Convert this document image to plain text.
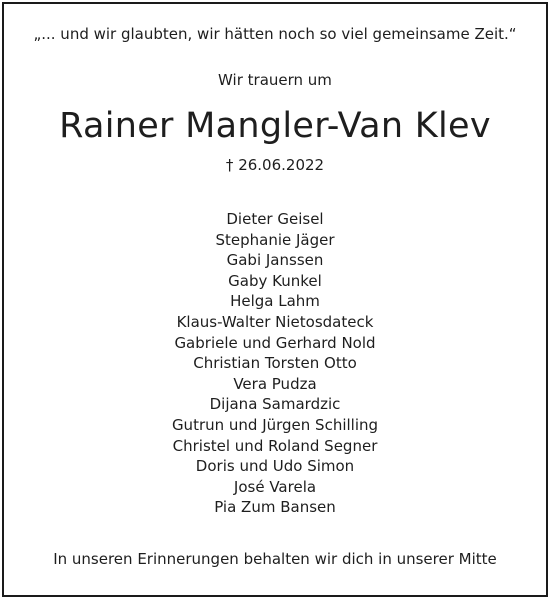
„... und wir glaubten, wir hätten noch so viel gemeinsame Zeit.“
Wir trauern um
Rainer Mangler-Van Klev
† 26.06.2022
Dieter Geisel
Stephanie Jäger
Gabi Janssen
Gaby Kunkel
Helga Lahm
Klaus-Walter Nietosdateck
Gabriele und Gerhard Nold
Christian Torsten Otto
Vera Pudza
Dijana Samardzic
Gutrun und Jürgen Schilling
Christel und Roland Segner
Doris und Udo Simon
José Varela
Pia Zum Bansen
In unseren Erinnerungen behalten wir dich in unserer Mitte
